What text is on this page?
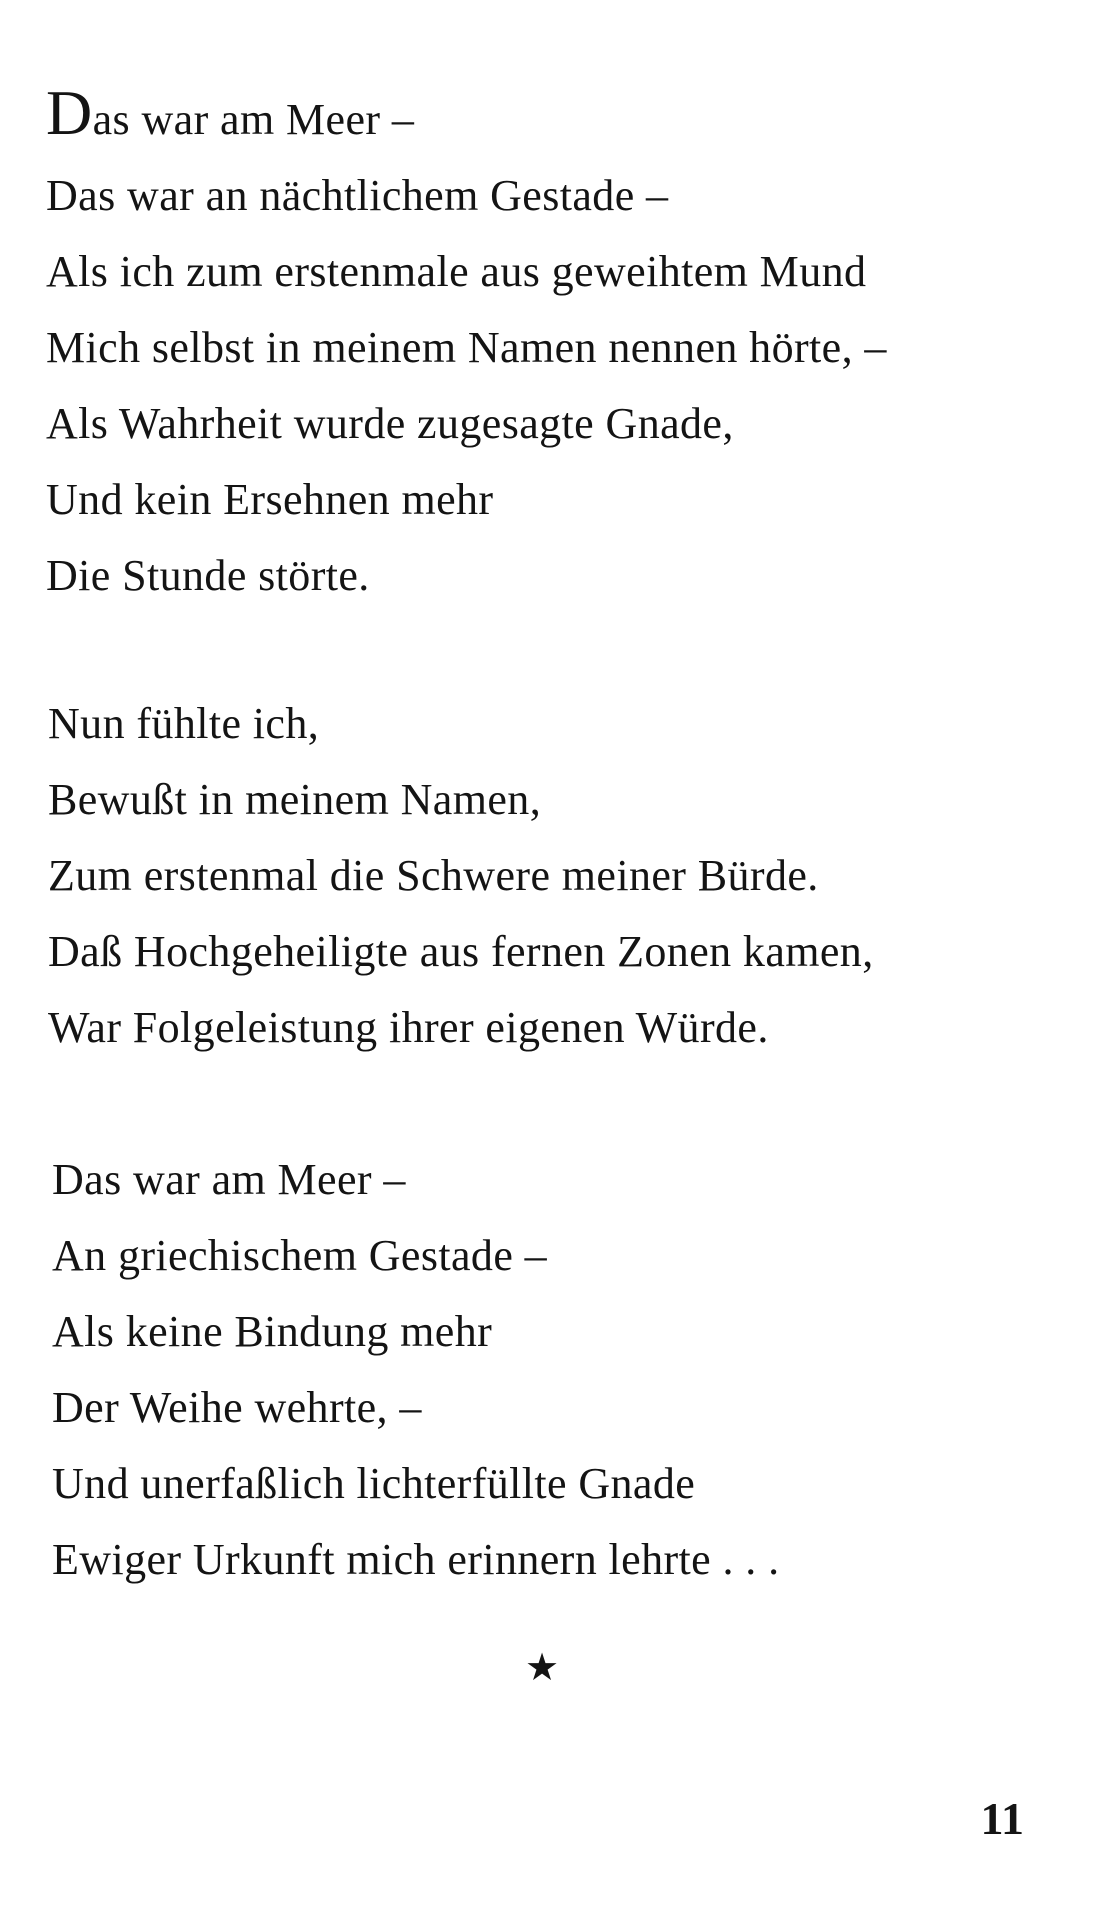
Das war am Meer –
Das war an nächtlichem Gestade –
Als ich zum erstenmale aus geweihtem Mund
Mich selbst in meinem Namen nennen hörte, –
Als Wahrheit wurde zugesagte Gnade,
Und kein Ersehnen mehr
Die Stunde störte.
Nun fühlte ich,
Bewußt in meinem Namen,
Zum erstenmal die Schwere meiner Bürde.
Daß Hochgeheiligte aus fernen Zonen kamen,
War Folgeleistung ihrer eigenen Würde.
Das war am Meer –
An griechischem Gestade –
Als keine Bindung mehr
Der Weihe wehrte, –
Und unerfaßlich lichterfüllte Gnade
Ewiger Urkunft mich erinnern lehrte . . .
★
11
